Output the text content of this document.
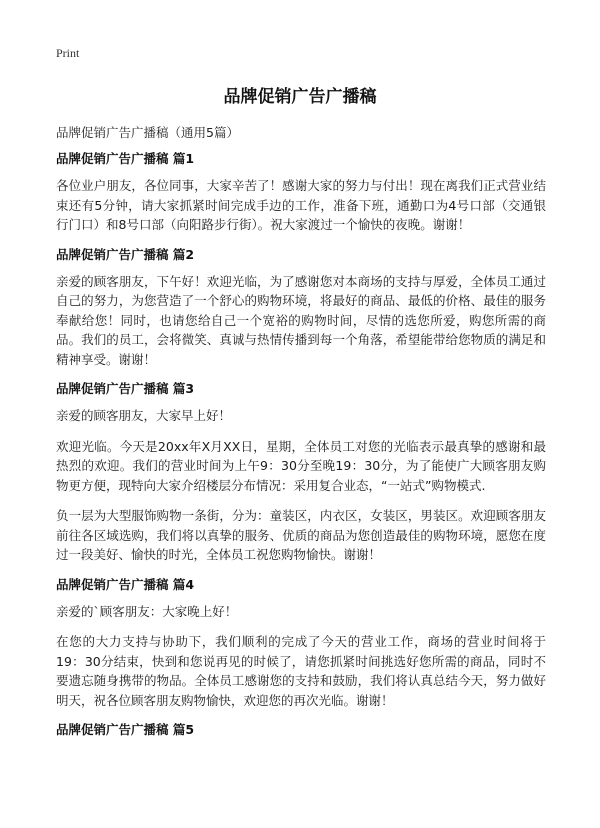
Print
品牌促销广告广播稿
品牌促销广告广播稿（通用5篇）
品牌促销广告广播稿 篇1

各位业户朋友，各位同事，大家辛苦了！感谢大家的努力与付出！现在离我们正式营业结束还有5分钟，请大家抓紧时间完成手边的工作，准备下班，通勤口为4号口部（交通银行门口）和8号口部（向阳路步行街）。祝大家渡过一个愉快的夜晚。谢谢！

品牌促销广告广播稿 篇2

亲爱的顾客朋友，下午好！欢迎光临，为了感谢您对本商场的支持与厚爱，全体员工通过自己的努力，为您营造了一个舒心的购物环境，将最好的商品、最低的价格、最佳的服务奉献给您！同时，也请您给自己一个宽裕的购物时间，尽情的选您所爱，购您所需的商品。我们的员工，会将微笑、真诚与热情传播到每一个角落，希望能带给您物质的满足和精神享受。谢谢！

品牌促销广告广播稿 篇3

亲爱的顾客朋友，大家早上好！

欢迎光临。今天是20xx年X月XX日，星期，全体员工对您的光临表示最真挚的感谢和最热烈的欢迎。我们的营业时间为上午9：30分至晚19：30分，为了能使广大顾客朋友购物更方便，现特向大家介绍楼层分布情况：采用复合业态，“一站式”购物模式.

负一层为大型服饰购物一条街，分为：童装区，内衣区，女装区，男装区。欢迎顾客朋友前往各区域选购，我们将以真挚的服务、优质的商品为您创造最佳的购物环境，愿您在度过一段美好、愉快的时光，全体员工祝您购物愉快。谢谢！

品牌促销广告广播稿 篇4

亲爱的`顾客朋友：大家晚上好！

在您的大力支持与协助下，我们顺利的完成了今天的营业工作，商场的营业时间将于19：30分结束，快到和您说再见的时候了，请您抓紧时间挑选好您所需的商品，同时不要遗忘随身携带的物品。全体员工感谢您的支持和鼓励，我们将认真总结今天，努力做好明天，祝各位顾客朋友购物愉快，欢迎您的再次光临。谢谢！

品牌促销广告广播稿 篇5
